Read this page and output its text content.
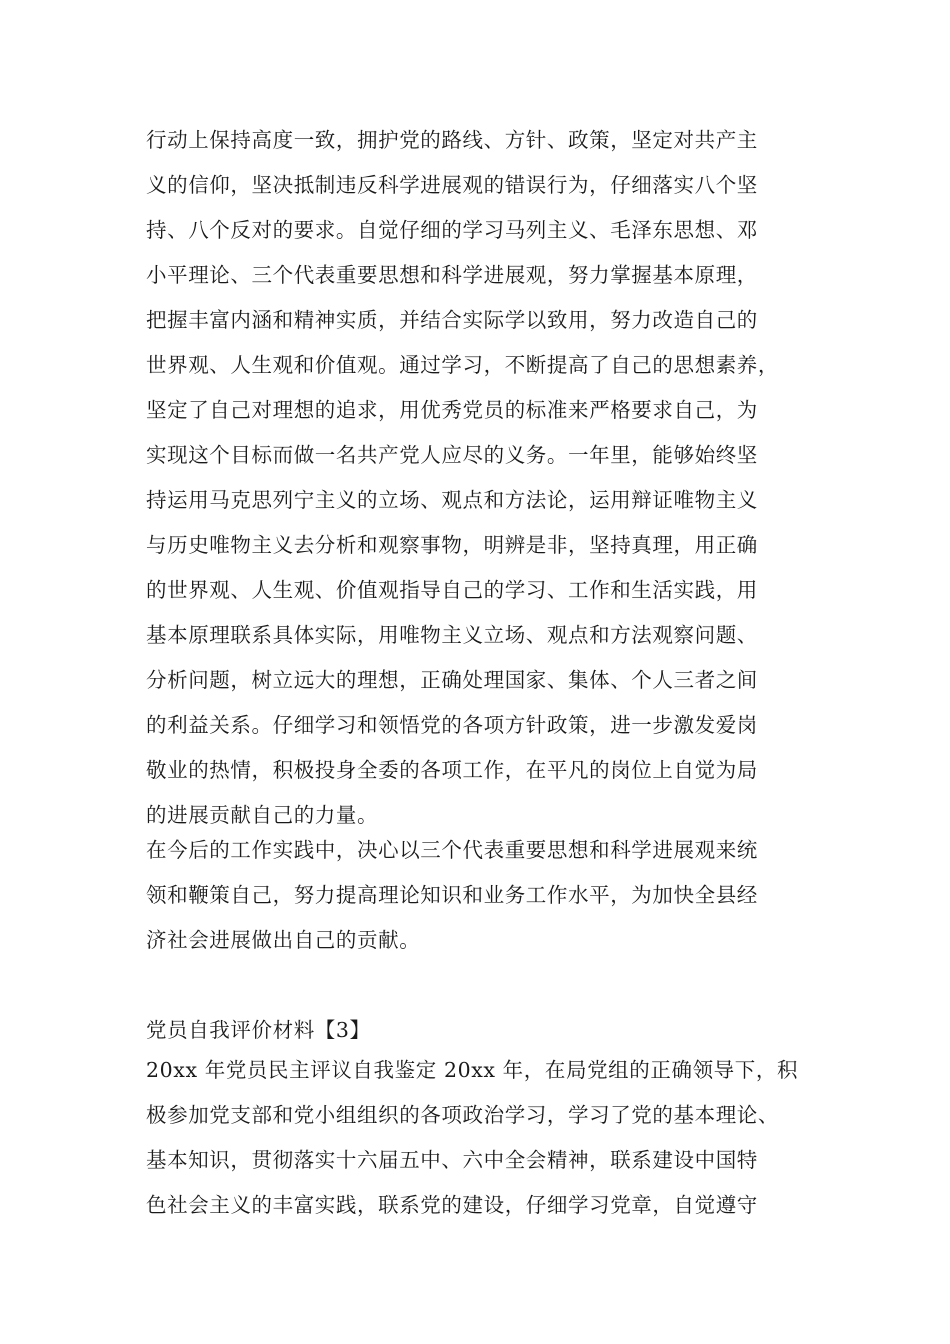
行动上保持高度一致，拥护党的路线、方针、政策，坚定对共产主
义的信仰，坚决抵制违反科学进展观的错误行为，仔细落实八个坚
持、八个反对的要求。自觉仔细的学习马列主义、毛泽东思想、邓
小平理论、三个代表重要思想和科学进展观，努力掌握基本原理，
把握丰富内涵和精神实质，并结合实际学以致用，努力改造自己的
世界观、人生观和价值观。通过学习，不断提高了自己的思想素养，
坚定了自己对理想的追求，用优秀党员的标准来严格要求自己，为
实现这个目标而做一名共产党人应尽的义务。一年里，能够始终坚
持运用马克思列宁主义的立场、观点和方法论，运用辩证唯物主义
与历史唯物主义去分析和观察事物，明辨是非，坚持真理，用正确
的世界观、人生观、价值观指导自己的学习、工作和生活实践，用
基本原理联系具体实际，用唯物主义立场、观点和方法观察问题、
分析问题，树立远大的理想，正确处理国家、集体、个人三者之间
的利益关系。仔细学习和领悟党的各项方针政策，进一步激发爱岗
敬业的热情，积极投身全委的各项工作，在平凡的岗位上自觉为局
的进展贡献自己的力量。
在今后的工作实践中，决心以三个代表重要思想和科学进展观来统
领和鞭策自己，努力提高理论知识和业务工作水平，为加快全县经
济社会进展做出自己的贡献。
党员自我评价材料【3】
20xx 年党员民主评议自我鉴定 20xx 年，在局党组的正确领导下，积
极参加党支部和党小组组织的各项政治学习，学习了党的基本理论、
基本知识，贯彻落实十六届五中、六中全会精神，联系建设中国特
色社会主义的丰富实践，联系党的建设，仔细学习党章，自觉遵守
